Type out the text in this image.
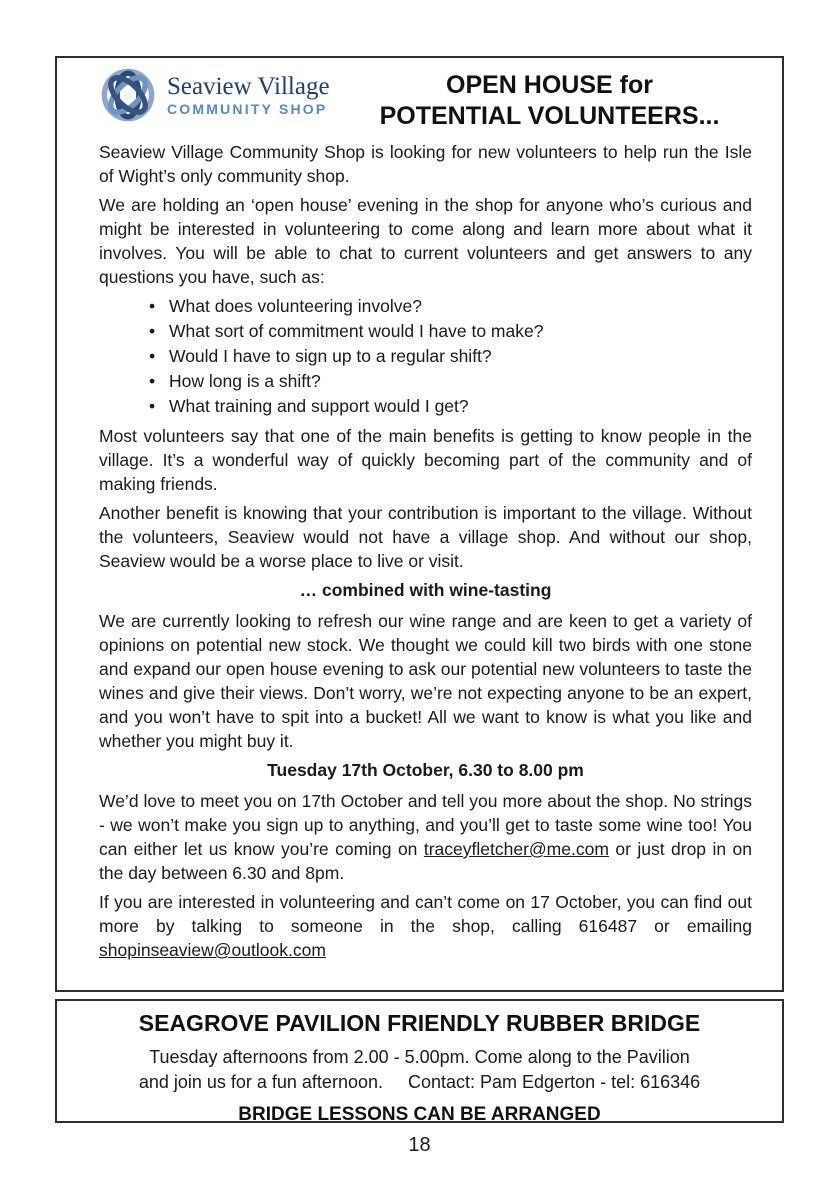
Seaview Village
COMMUNITY SHOP
OPEN HOUSE for
POTENTIAL VOLUNTEERS...

Seaview Village Community Shop is looking for new volunteers to help run the Isle of Wight’s only community shop.

We are holding an ‘open house’ evening in the shop for anyone who’s curious and might be interested in volunteering to come along and learn more about what it involves. You will be able to chat to current volunteers and get answers to any questions you have, such as:

• What does volunteering involve?
• What sort of commitment would I have to make?
• Would I have to sign up to a regular shift?
• How long is a shift?
• What training and support would I get?

Most volunteers say that one of the main benefits is getting to know people in the village. It’s a wonderful way of quickly becoming part of the community and of making friends.

Another benefit is knowing that your contribution is important to the village. Without the volunteers, Seaview would not have a village shop. And without our shop, Seaview would be a worse place to live or visit.

… combined with wine-tasting

We are currently looking to refresh our wine range and are keen to get a variety of opinions on potential new stock. We thought we could kill two birds with one stone and expand our open house evening to ask our potential new volunteers to taste the wines and give their views. Don’t worry, we’re not expecting anyone to be an expert, and you won’t have to spit into a bucket! All we want to know is what you like and whether you might buy it.

Tuesday 17th October, 6.30 to 8.00 pm

We’d love to meet you on 17th October and tell you more about the shop. No strings - we won’t make you sign up to anything, and you’ll get to taste some wine too! You can either let us know you’re coming on traceyfletcher@me.com or just drop in on the day between 6.30 and 8pm.

If you are interested in volunteering and can’t come on 17 October, you can find out more by talking to someone in the shop, calling 616487 or emailing shopinseaview@outlook.com

SEAGROVE PAVILION FRIENDLY RUBBER BRIDGE
Tuesday afternoons from 2.00 - 5.00pm. Come along to the Pavilion
and join us for a fun afternoon.     Contact: Pam Edgerton - tel: 616346
BRIDGE LESSONS CAN BE ARRANGED
18
